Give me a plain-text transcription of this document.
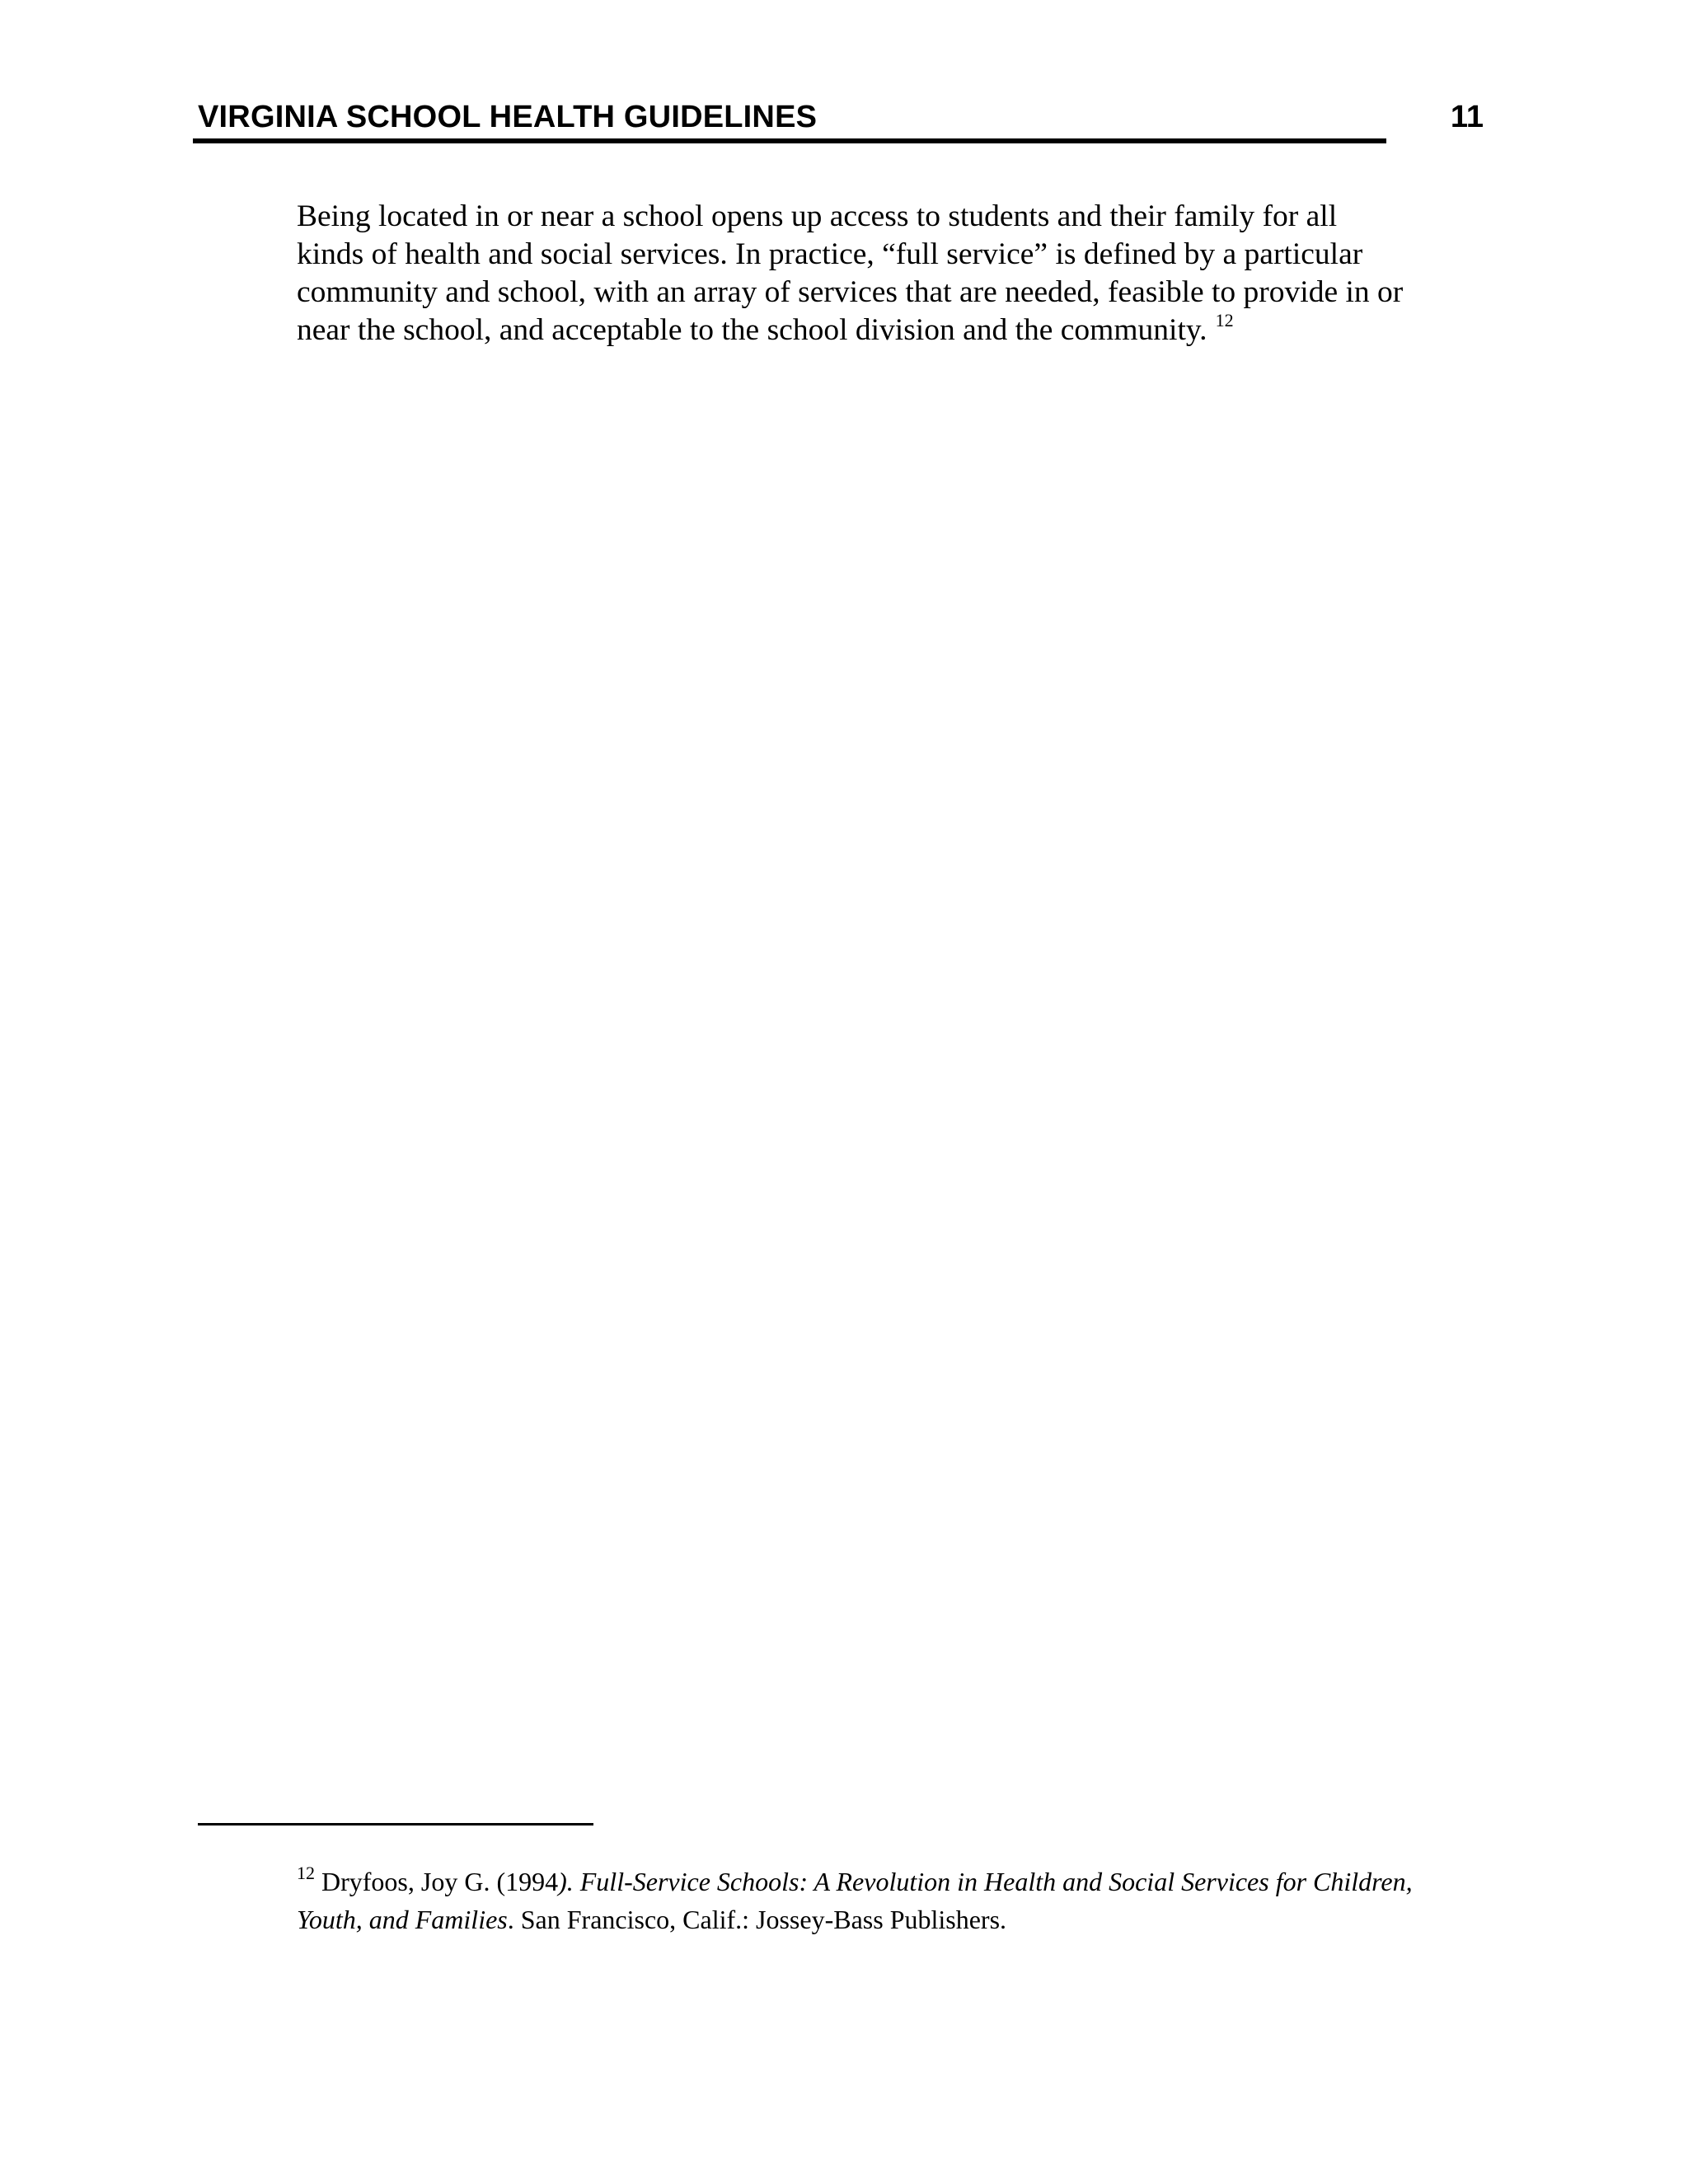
VIRGINIA SCHOOL HEALTH GUIDELINES	11

Being located in or near a school opens up access to students and their family for all
kinds of health and social services. In practice, “full service” is defined by a particular
community and school, with an array of services that are needed, feasible to provide in or
near the school, and acceptable to the school division and the community. $^{12}$

$^{12}$ Dryfoos, Joy G. (1994). Full-Service Schools: A Revolution in Health and Social Services for Children,
Youth, and Families. San Francisco, Calif.: Jossey-Bass Publishers.
